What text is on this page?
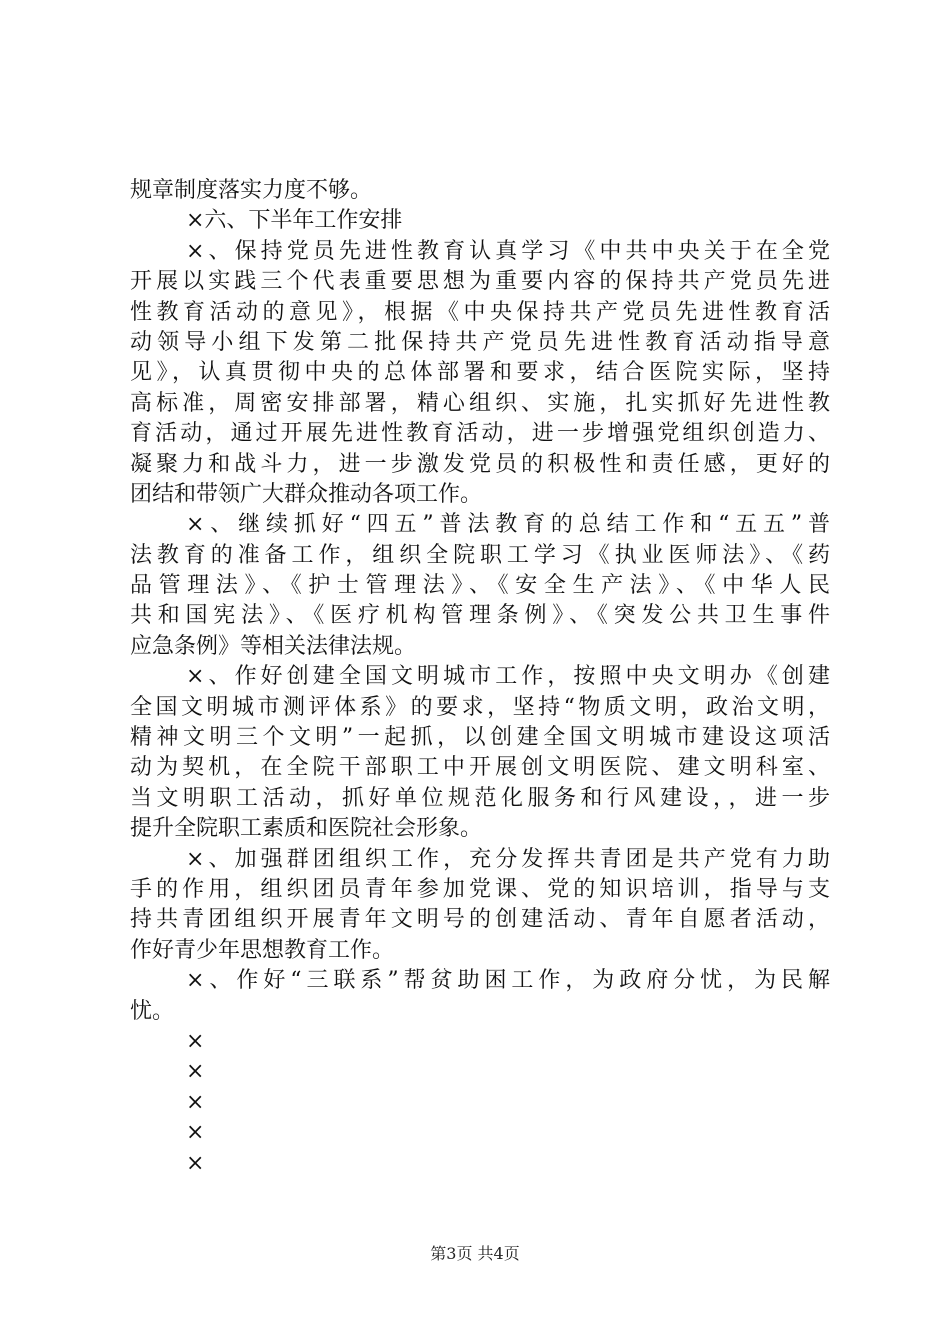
规章制度落实力度不够。
×六、下半年工作安排
×、保持党员先进性教育认真学习《中共中央关于在全党
开展以实践三个代表重要思想为重要内容的保持共产党员先进
性教育活动的意见》，根据《中央保持共产党员先进性教育活
动领导小组下发第二批保持共产党员先进性教育活动指导意
见》，认真贯彻中央的总体部署和要求，结合医院实际，坚持
高标准，周密安排部署，精心组织、实施，扎实抓好先进性教
育活动，通过开展先进性教育活动，进一步增强党组织创造力、
凝聚力和战斗力，进一步激发党员的积极性和责任感，更好的
团结和带领广大群众推动各项工作。
×、继续抓好“四五”普法教育的总结工作和“五五”普
法教育的准备工作，组织全院职工学习《执业医师法》、《药
品管理法》、《护士管理法》、《安全生产法》、《中华人民
共和国宪法》、《医疗机构管理条例》、《突发公共卫生事件
应急条例》等相关法律法规。
×、作好创建全国文明城市工作，按照中央文明办《创建
全国文明城市测评体系》的要求，坚持“物质文明，政治文明，
精神文明三个文明”一起抓，以创建全国文明城市建设这项活
动为契机，在全院干部职工中开展创文明医院、建文明科室、
当文明职工活动，抓好单位规范化服务和行风建设，，进一步
提升全院职工素质和医院社会形象。
×、加强群团组织工作，充分发挥共青团是共产党有力助
手的作用，组织团员青年参加党课、党的知识培训，指导与支
持共青团组织开展青年文明号的创建活动、青年自愿者活动，
作好青少年思想教育工作。
×、作好“三联系”帮贫助困工作，为政府分忧，为民解
忧。
×
×
×
×
×
第3页 共4页
